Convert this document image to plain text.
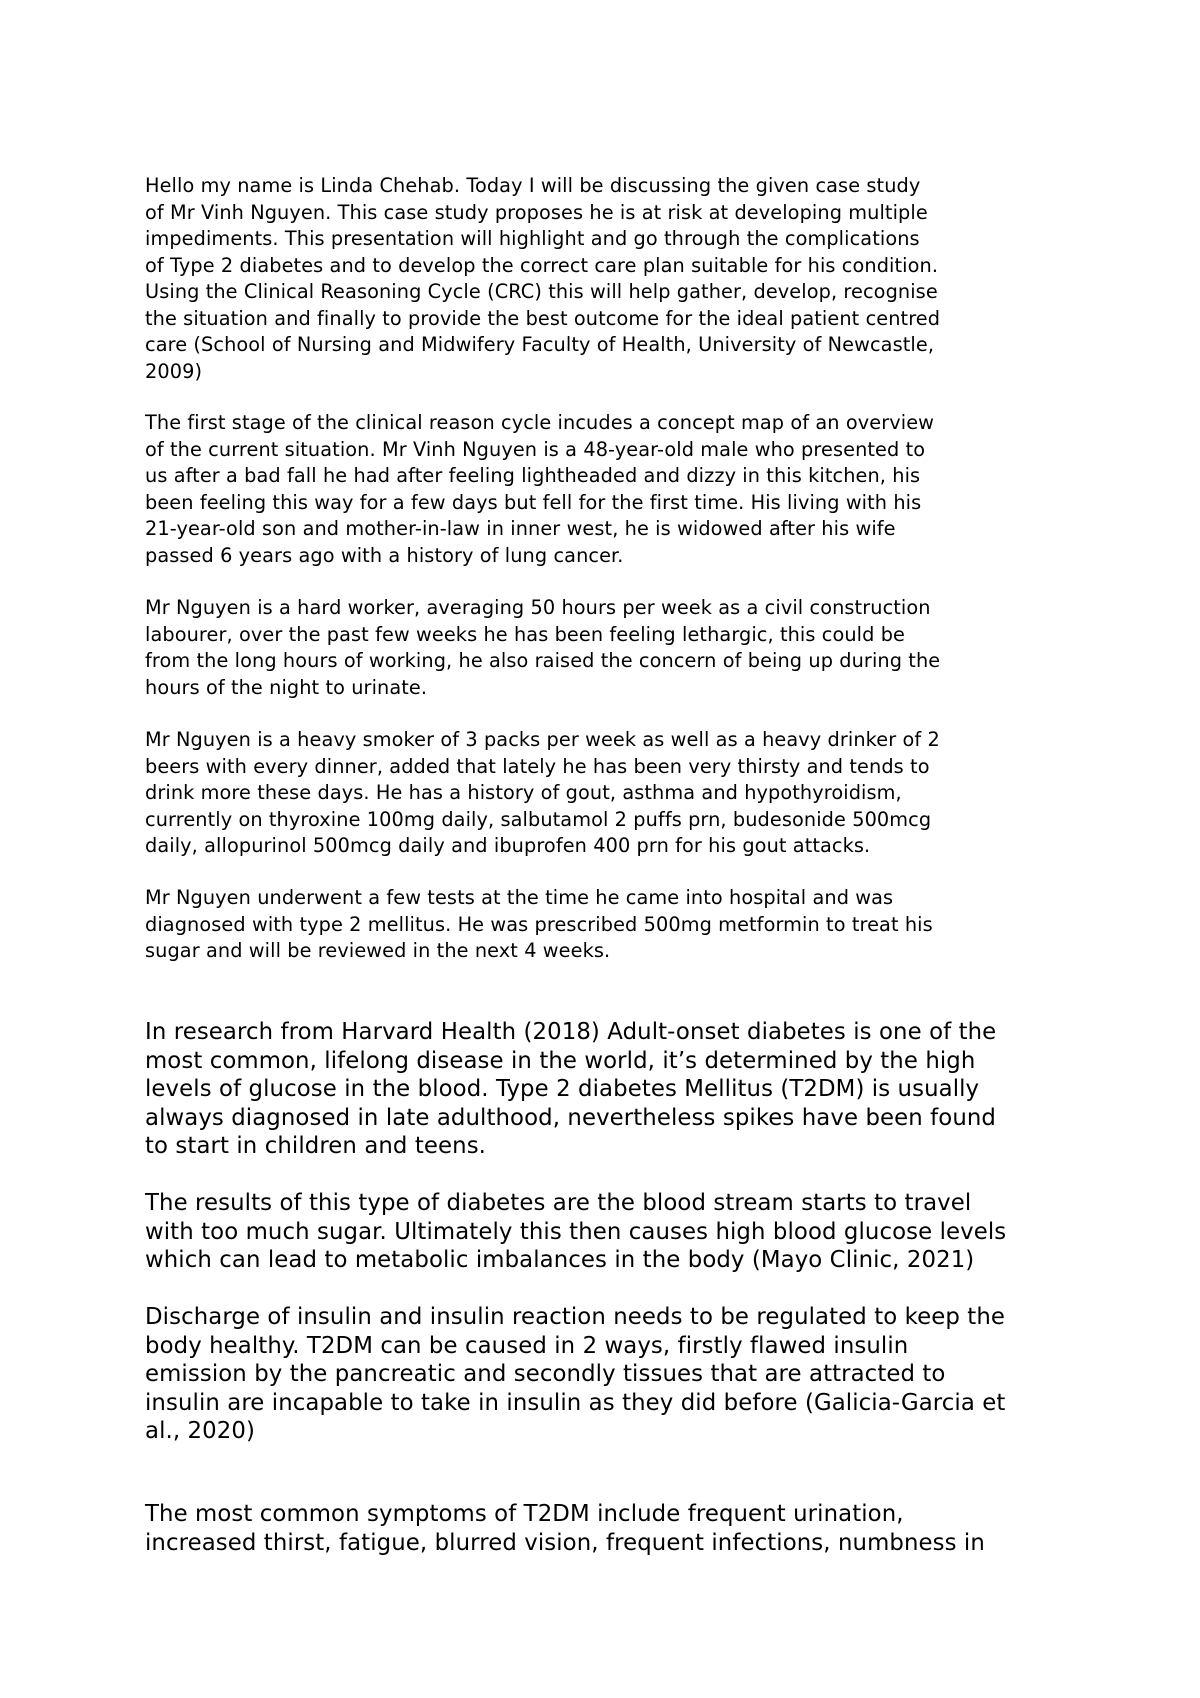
Hello my name is Linda Chehab. Today I will be discussing the given case study
of Mr Vinh Nguyen. This case study proposes he is at risk at developing multiple
impediments. This presentation will highlight and go through the complications
of Type 2 diabetes and to develop the correct care plan suitable for his condition.
Using the Clinical Reasoning Cycle (CRC) this will help gather, develop, recognise
the situation and finally to provide the best outcome for the ideal patient centred
care (School of Nursing and Midwifery Faculty of Health, University of Newcastle,
2009)

The first stage of the clinical reason cycle incudes a concept map of an overview
of the current situation. Mr Vinh Nguyen is a 48-year-old male who presented to
us after a bad fall he had after feeling lightheaded and dizzy in this kitchen, his
been feeling this way for a few days but fell for the first time. His living with his
21-year-old son and mother-in-law in inner west, he is widowed after his wife
passed 6 years ago with a history of lung cancer.

Mr Nguyen is a hard worker, averaging 50 hours per week as a civil construction
labourer, over the past few weeks he has been feeling lethargic, this could be
from the long hours of working, he also raised the concern of being up during the
hours of the night to urinate.

Mr Nguyen is a heavy smoker of 3 packs per week as well as a heavy drinker of 2
beers with every dinner, added that lately he has been very thirsty and tends to
drink more these days. He has a history of gout, asthma and hypothyroidism,
currently on thyroxine 100mg daily, salbutamol 2 puffs prn, budesonide 500mcg
daily, allopurinol 500mcg daily and ibuprofen 400 prn for his gout attacks.

Mr Nguyen underwent a few tests at the time he came into hospital and was
diagnosed with type 2 mellitus. He was prescribed 500mg metformin to treat his
sugar and will be reviewed in the next 4 weeks.

In research from Harvard Health (2018) Adult-onset diabetes is one of the
most common, lifelong disease in the world, it’s determined by the high
levels of glucose in the blood. Type 2 diabetes Mellitus (T2DM) is usually
always diagnosed in late adulthood, nevertheless spikes have been found
to start in children and teens.

The results of this type of diabetes are the blood stream starts to travel
with too much sugar. Ultimately this then causes high blood glucose levels
which can lead to metabolic imbalances in the body (Mayo Clinic, 2021)

Discharge of insulin and insulin reaction needs to be regulated to keep the
body healthy. T2DM can be caused in 2 ways, firstly flawed insulin
emission by the pancreatic and secondly tissues that are attracted to
insulin are incapable to take in insulin as they did before (Galicia-Garcia et
al., 2020)

The most common symptoms of T2DM include frequent urination,
increased thirst, fatigue, blurred vision, frequent infections, numbness in
